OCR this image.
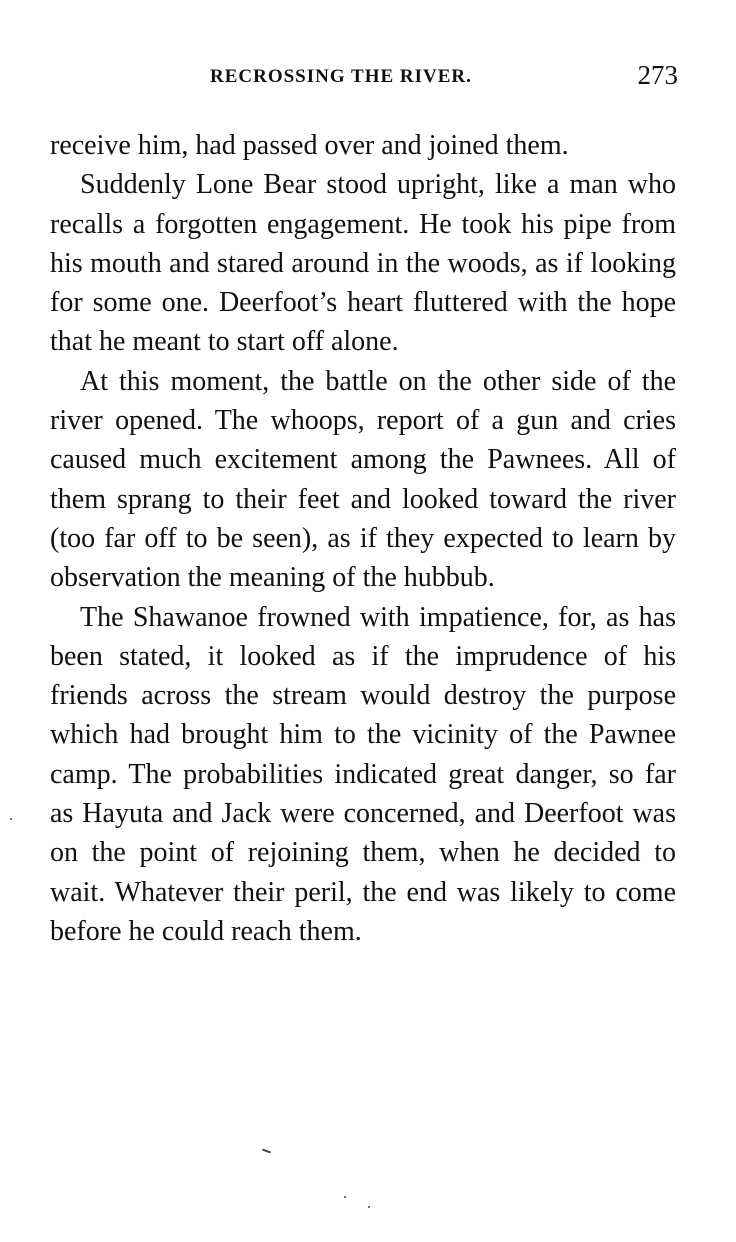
RECROSSING THE RIVER.	273

receive him, had passed over and joined them.

Suddenly Lone Bear stood upright, like a man who recalls a forgotten engagement. He took his pipe from his mouth and stared around in the woods, as if looking for some one. Deerfoot’s heart fluttered with the hope that he meant to start off alone.

At this moment, the battle on the other side of the river opened. The whoops, report of a gun and cries caused much excitement among the Pawnees. All of them sprang to their feet and looked toward the river (too far off to be seen), as if they expected to learn by observation the meaning of the hubbub.

The Shawanoe frowned with impatience, for, as has been stated, it looked as if the imprudence of his friends across the stream would destroy the purpose which had brought him to the vicinity of the Pawnee camp. The probabilities indicated great danger, so far as Hayuta and Jack were concerned, and Deerfoot was on the point of rejoining them, when he decided to wait. Whatever their peril, the end was likely to come before he could reach them.
